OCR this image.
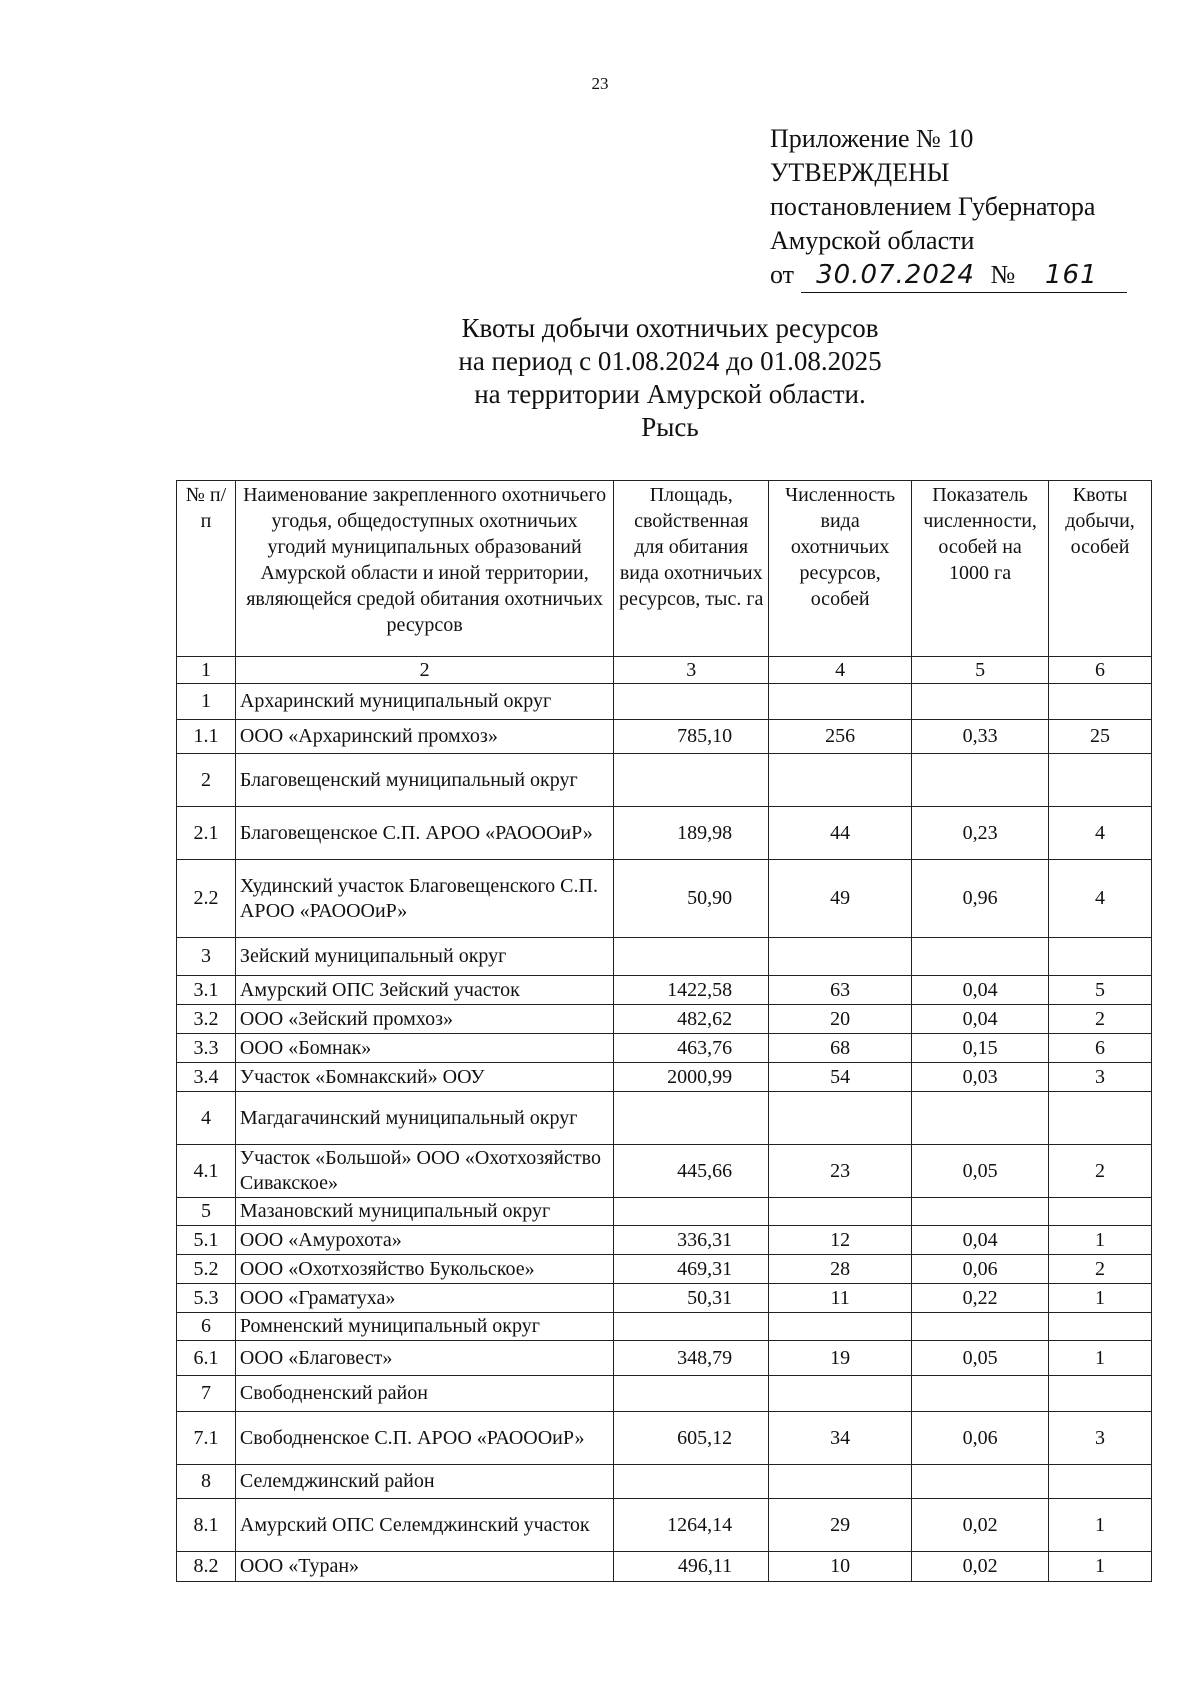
23
Приложение № 10
УТВЕРЖДЕНЫ
постановлением Губернатора
Амурской области
от 30.07.2024 № 161
Квоты добычи охотничьих ресурсов
на период с 01.08.2024 до 01.08.2025
на территории Амурской области.
Рысь
№ п/п	Наименование закрепленного охотничьего угодья, общедоступных охотничьих угодий муниципальных образований Амурской области и иной территории, являющейся средой обитания охотничьих ресурсов	Площадь, свойственная для обитания вида охотничьих ресурсов, тыс. га	Численность вида охотничьих ресурсов, особей	Показатель численности, особей на 1000 га	Квоты добычи, особей
1	2	3	4	5	6
1	Архаринский муниципальный округ				
1.1	ООО «Архаринский промхоз»	785,10	256	0,33	25
2	Благовещенский муниципальный округ				
2.1	Благовещенское С.П. АРОО «РАОООиР»	189,98	44	0,23	4
2.2	Худинский участок Благовещенского С.П. АРОО «РАОООиР»	50,90	49	0,96	4
3	Зейский муниципальный округ				
3.1	Амурский ОПС Зейский участок	1422,58	63	0,04	5
3.2	ООО «Зейский промхоз»	482,62	20	0,04	2
3.3	ООО «Бомнак»	463,76	68	0,15	6
3.4	Участок «Бомнакский» ООУ	2000,99	54	0,03	3
4	Магдагачинский муниципальный округ				
4.1	Участок «Большой» ООО «Охотхозяйство Сивакское»	445,66	23	0,05	2
5	Мазановский муниципальный округ				
5.1	ООО «Амурохота»	336,31	12	0,04	1
5.2	ООО «Охотхозяйство Букольское»	469,31	28	0,06	2
5.3	ООО «Граматуха»	50,31	11	0,22	1
6	Ромненский муниципальный округ				
6.1	ООО «Благовест»	348,79	19	0,05	1
7	Свободненский район				
7.1	Свободненское С.П. АРОО «РАОООиР»	605,12	34	0,06	3
8	Селемджинский район				
8.1	Амурский ОПС Селемджинский участок	1264,14	29	0,02	1
8.2	ООО «Туран»	496,11	10	0,02	1
